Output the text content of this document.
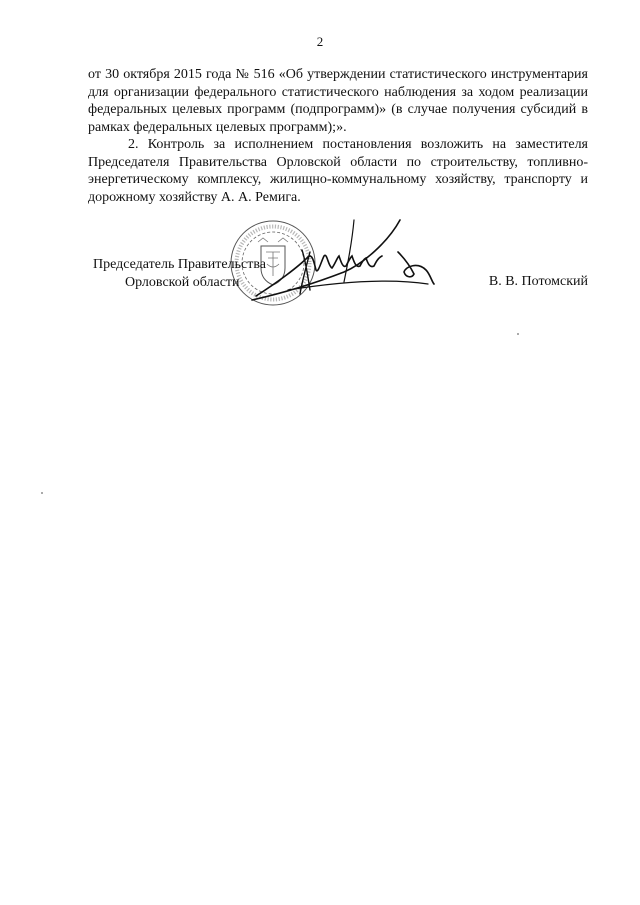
2

от 30 октября 2015 года № 516 «Об утверждении статистического инструментария для организации федерального статистического наблюдения за ходом реализации федеральных целевых программ (подпрограмм)» (в случае получения субсидий в рамках федеральных целевых программ);».

2. Контроль за исполнением постановления возложить на заместителя Председателя Правительства Орловской области по строительству, топливно-энергетическому комплексу, жилищно-коммунальному хозяйству, транспорту и дорожному хозяйству А. А. Ремига.

Председатель Правительства
Орловской области	В. В. Потомский
